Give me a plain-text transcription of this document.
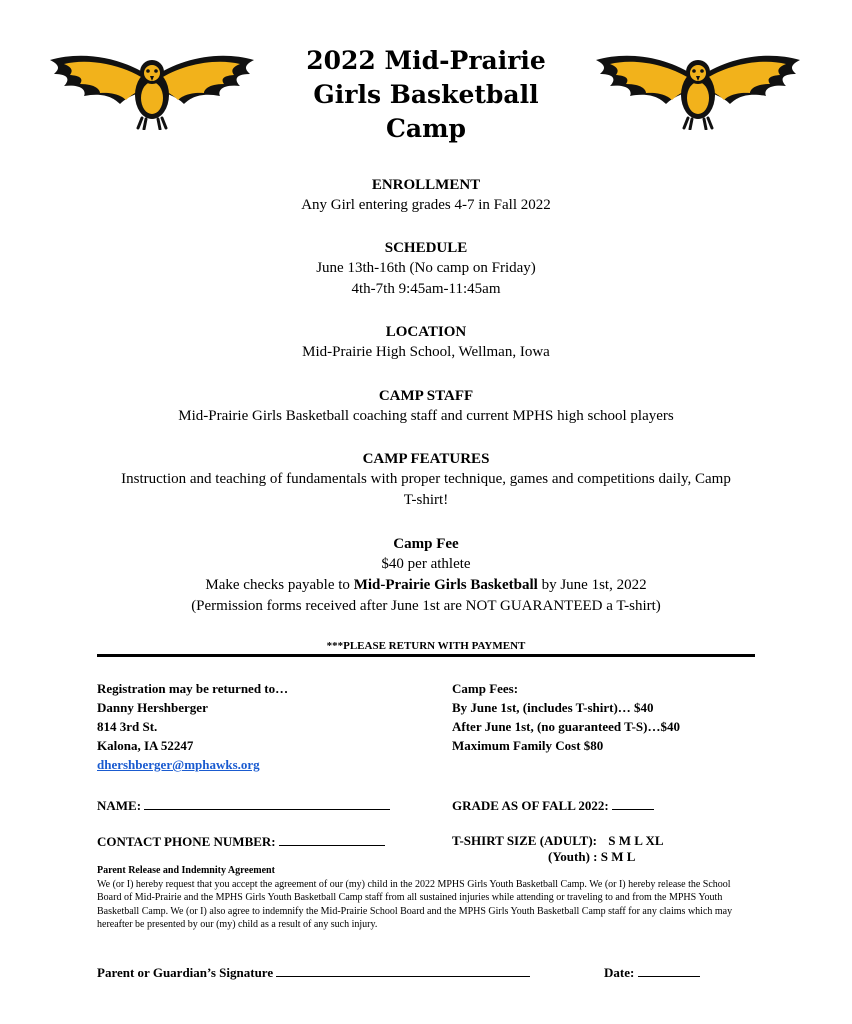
2022 Mid-Prairie
Girls Basketball
Camp
ENROLLMENT
Any Girl entering grades 4-7 in Fall 2022
SCHEDULE
June 13th-16th (No camp on Friday)
4th-7th 9:45am-11:45am
LOCATION
Mid-Prairie High School, Wellman, Iowa
CAMP STAFF
Mid-Prairie Girls Basketball coaching staff and current MPHS high school players
CAMP FEATURES
Instruction and teaching of fundamentals with proper technique, games and competitions daily, Camp
T-shirt!
Camp Fee
$40 per athlete
Make checks payable to Mid-Prairie Girls Basketball by June 1st, 2022
(Permission forms received after June 1st are NOT GUARANTEED a T-shirt)
***PLEASE RETURN WITH PAYMENT
Registration may be returned to…
Danny Hershberger
814 3rd St.
Kalona, IA 52247
dhershberger@mphawks.org
Camp Fees:
By June 1st, (includes T-shirt)… $40
After June 1st, (no guaranteed T-S)…$40
Maximum Family Cost $80
NAME:	GRADE AS OF FALL 2022:
CONTACT PHONE NUMBER:	T-SHIRT SIZE (ADULT): S M L XL
(Youth) : S M L
Parent Release and Indemnity Agreement
We (or I) hereby request that you accept the agreement of our (my) child in the 2022 MPHS Girls Youth Basketball Camp. We (or I) hereby release the School Board of Mid-Prairie and the MPHS Girls Youth Basketball Camp staff from all sustained injuries while attending or traveling to and from the MPHS Youth Basketball Camp. We (or I) also agree to indemnify the Mid-Prairie School Board and the MPHS Girls Youth Basketball Camp staff for any claims which may hereafter be presented by our (my) child as a result of any such injury.
Parent or Guardian’s Signature	Date:
